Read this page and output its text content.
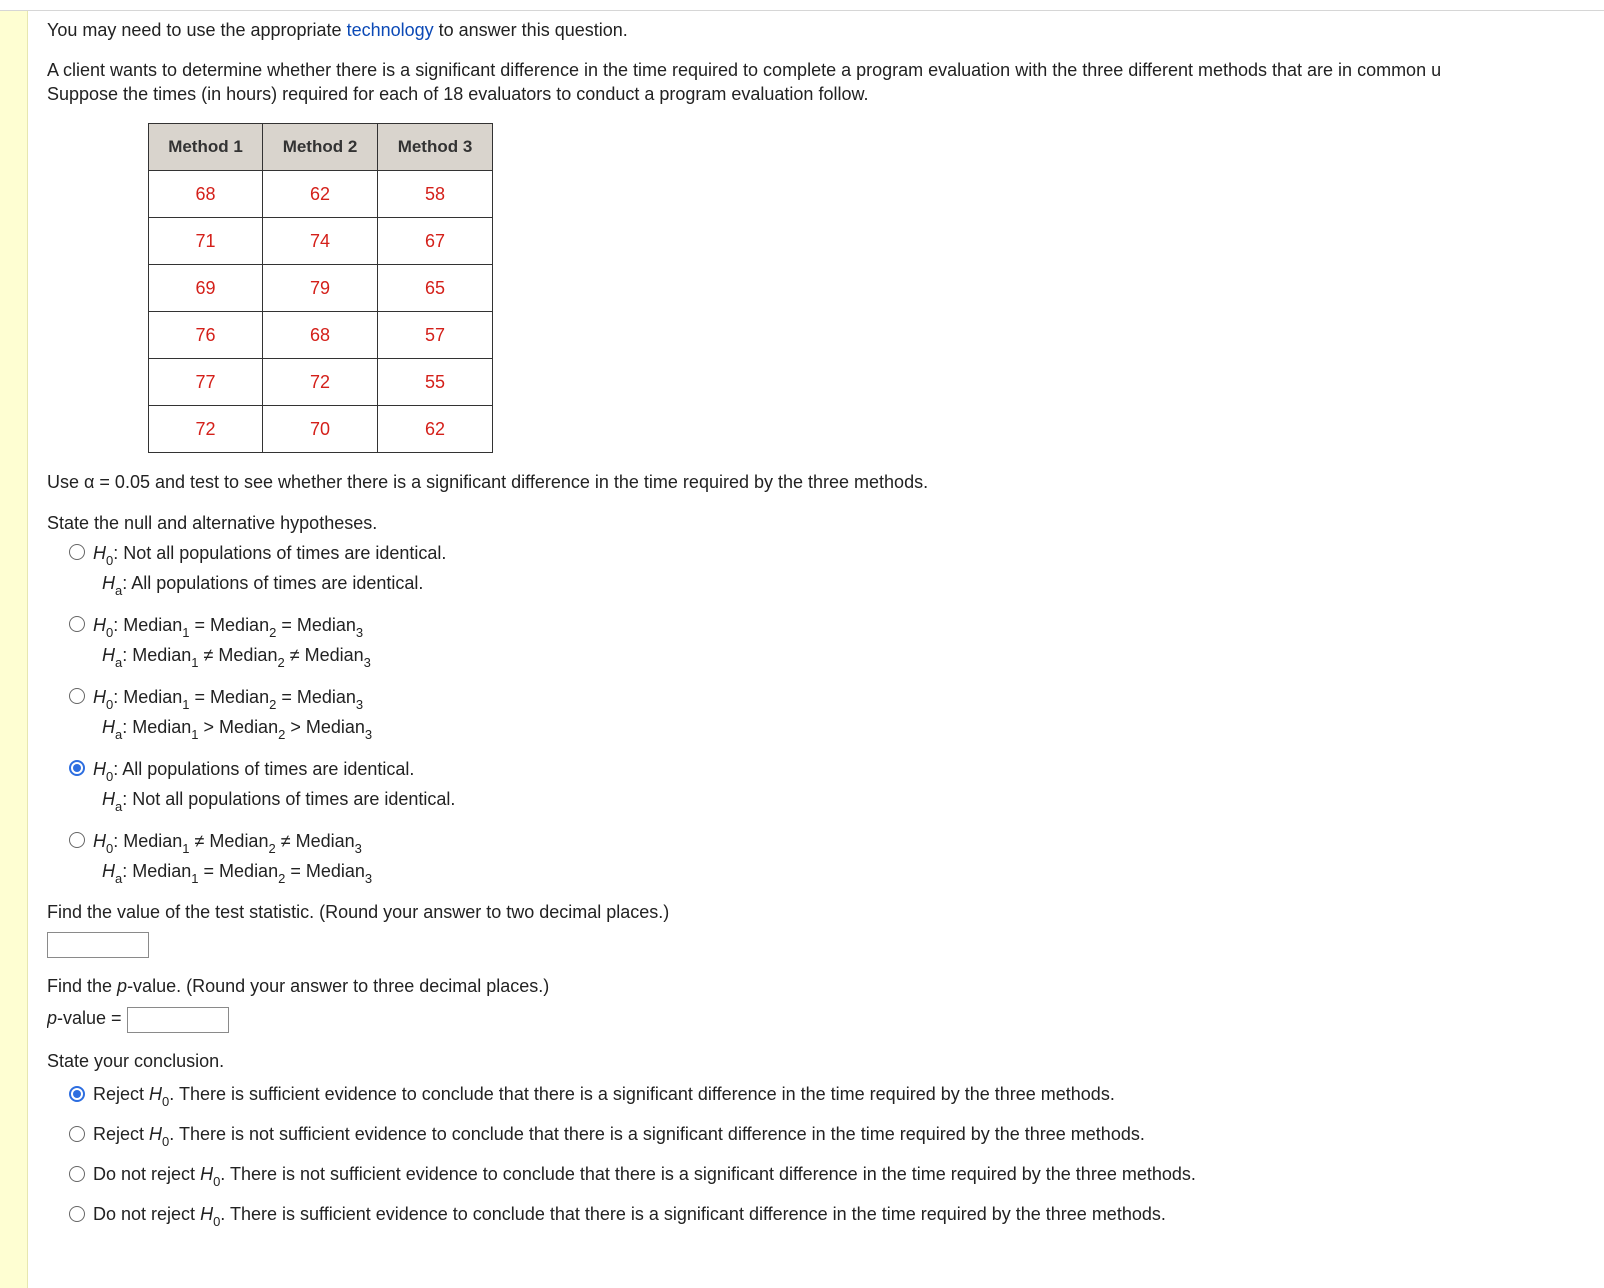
You may need to use the appropriate technology to answer this question.

A client wants to determine whether there is a significant difference in the time required to complete a program evaluation with the three different methods that are in common u

Suppose the times (in hours) required for each of 18 evaluators to conduct a program evaluation follow.

Method 1	Method 2	Method 3
68	62	58
71	74	67
69	79	65
76	68	57
77	72	55
72	70	62

Use α = 0.05 and test to see whether there is a significant difference in the time required by the three methods.

State the null and alternative hypotheses.

$H_0$: Not all populations of times are identical.
$H_a$: All populations of times are identical.
$H_0$: Median$_1$ = Median$_2$ = Median$_3$
$H_a$: Median$_1$ ≠ Median$_2$ ≠ Median$_3$
$H_0$: Median$_1$ = Median$_2$ = Median$_3$
$H_a$: Median$_1$ > Median$_2$ > Median$_3$
$H_0$: All populations of times are identical.
$H_a$: Not all populations of times are identical.
$H_0$: Median$_1$ ≠ Median$_2$ ≠ Median$_3$
$H_a$: Median$_1$ = Median$_2$ = Median$_3$

Find the value of the test statistic. (Round your answer to two decimal places.)

Find the p-value. (Round your answer to three decimal places.)

p-value =

State your conclusion.

Reject $H_0$. There is sufficient evidence to conclude that there is a significant difference in the time required by the three methods.
Reject $H_0$. There is not sufficient evidence to conclude that there is a significant difference in the time required by the three methods.
Do not reject $H_0$. There is not sufficient evidence to conclude that there is a significant difference in the time required by the three methods.
Do not reject $H_0$. There is sufficient evidence to conclude that there is a significant difference in the time required by the three methods.
